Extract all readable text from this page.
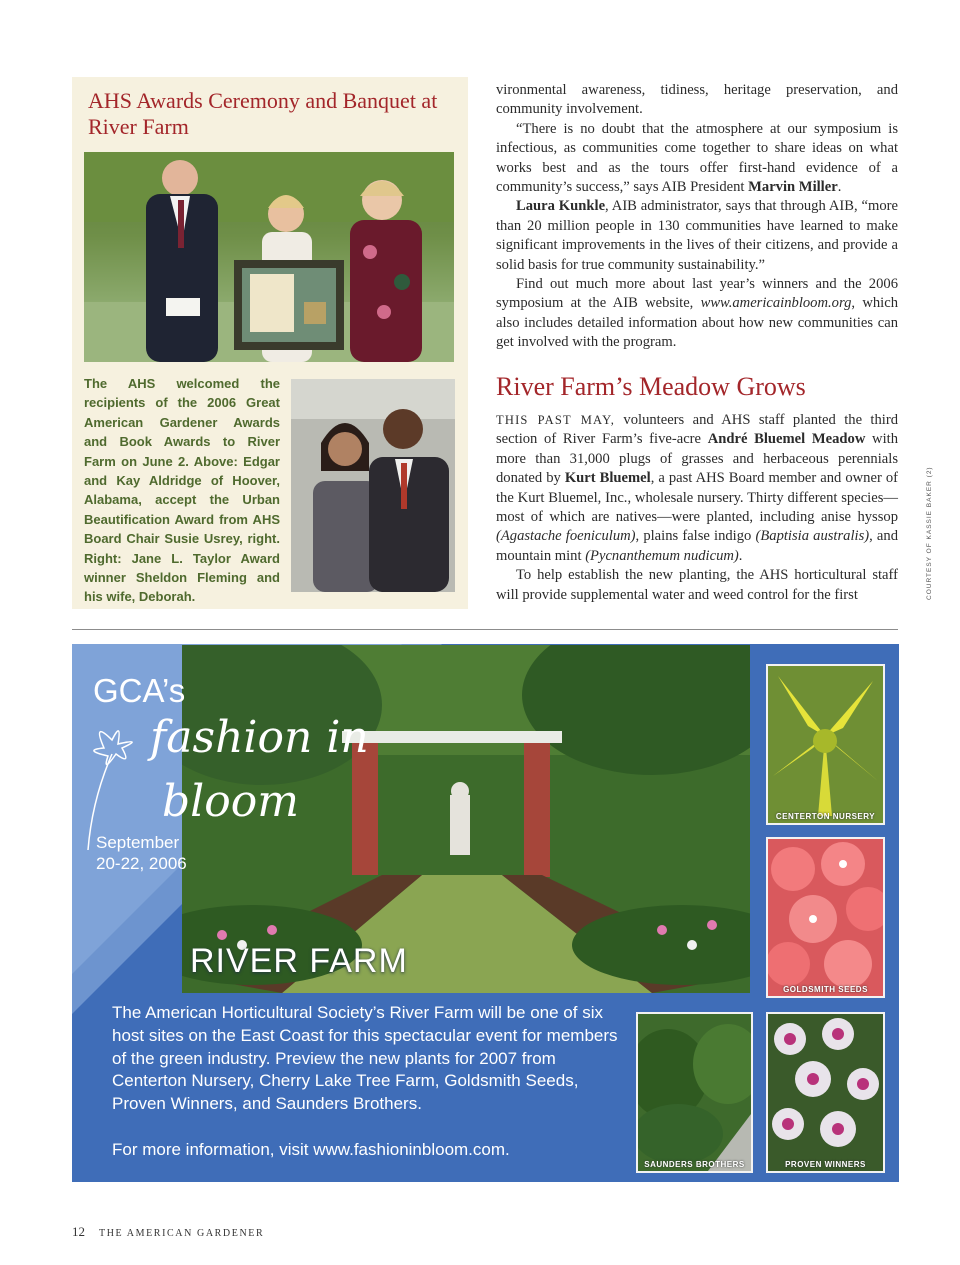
AHS Awards Ceremony and Banquet at River Farm
The AHS welcomed the recipients of the 2006 Great American Gardener Awards and Book Awards to River Farm on June 2. Above: Edgar and Kay Aldridge of Hoover, Alabama, accept the Urban Beautification Award from AHS Board Chair Susie Usrey, right. Right: Jane L. Taylor Award winner Sheldon Fleming and his wife, Deborah.

vironmental awareness, tidiness, heritage preservation, and community involvement.

“There is no doubt that the atmosphere at our symposium is infectious, as communities come together to share ideas on what works best and as the tours offer first-hand evidence of a community’s success,” says AIB President Marvin Miller.

Laura Kunkle, AIB administrator, says that through AIB, “more than 20 million people in 130 communities have learned to make significant improvements in the lives of their citizens, and provide a solid basis for true community sustainability.”

Find out much more about last year’s winners and the 2006 symposium at the AIB website, www.americainbloom.org, which also includes detailed information about how new communities can get involved with the program.

River Farm’s Meadow Grows

THIS PAST MAY, volunteers and AHS staff planted the third section of River Farm’s five-acre André Bluemel Meadow with more than 31,000 plugs of grasses and herbaceous perennials donated by Kurt Bluemel, a past AHS Board member and owner of the Kurt Bluemel, Inc., wholesale nursery. Thirty different species—most of which are natives—were planted, including anise hyssop (Agastache foeniculum), plains false indigo (Baptisia australis), and mountain mint (Pycnanthemum nudicum).

To help establish the new planting, the AHS horticultural staff will provide supplemental water and weed control for the first	COURTESY OF KASSIE BAKER (2)
GCA’s
fashion in
bloom
September
20-22, 2006
RIVER FARM

The American Horticultural Society’s River Farm will be one of six host sites on the East Coast for this spectacular event for members of the green industry. Preview the new plants for 2007 from Centerton Nursery, Cherry Lake Tree Farm, Goldsmith Seeds, Proven Winners, and Saunders Brothers.

For more information, visit www.fashioninbloom.com.
CENTERTON NURSERY
GOLDSMITH SEEDS
SAUNDERS BROTHERS	PROVEN WINNERS
12 THE AMERICAN GARDENER
